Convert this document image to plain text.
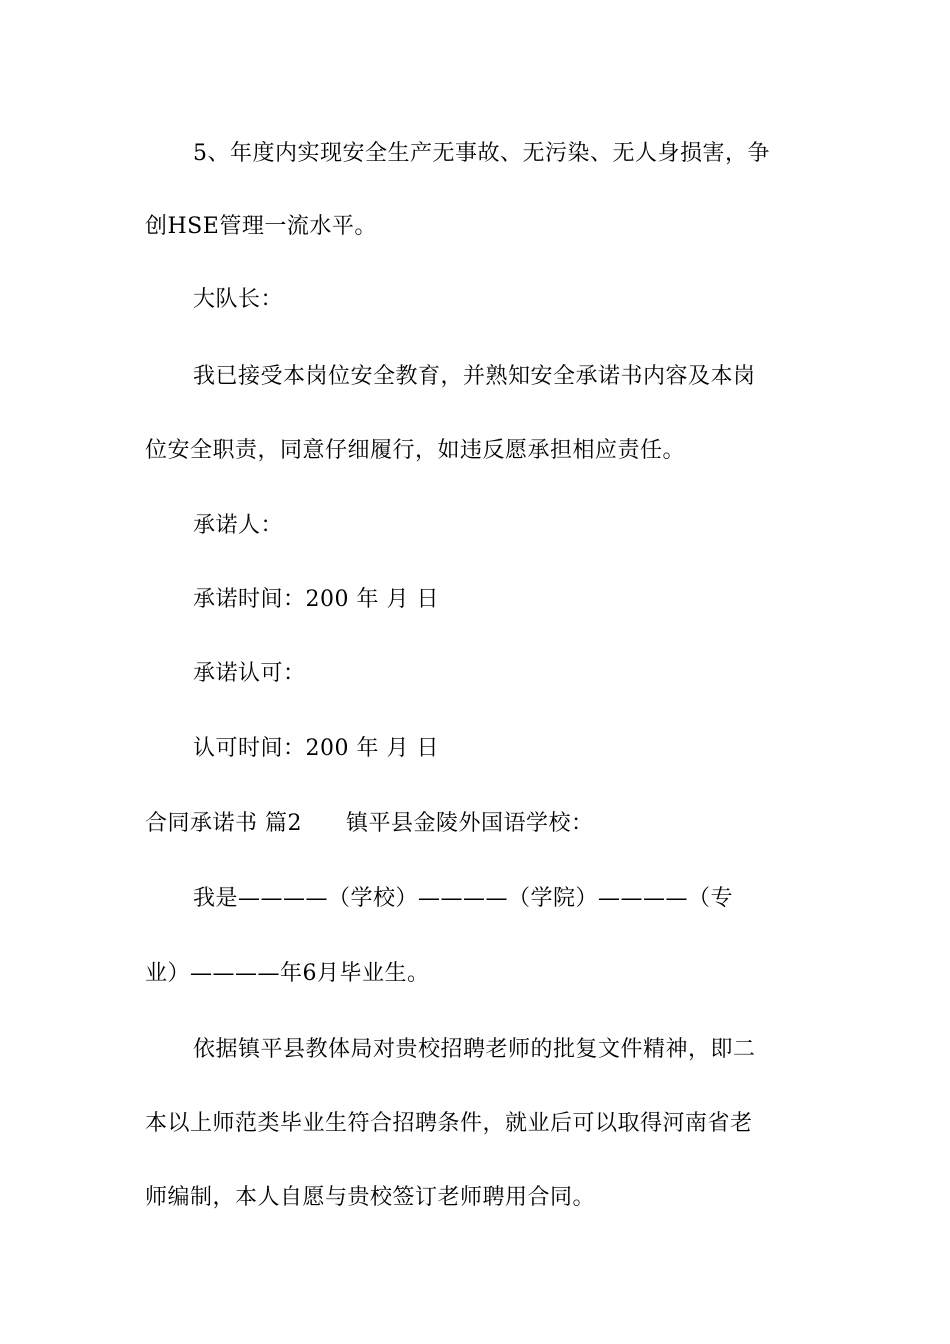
5、年度内实现安全生产无事故、无污染、无人身损害，争
创HSE管理一流水平。
大队长：
我已接受本岗位安全教育，并熟知安全承诺书内容及本岗
位安全职责，同意仔细履行，如违反愿承担相应责任。
承诺人：
承诺时间：200 年 月 日
承诺认可：
认可时间：200 年 月 日
合同承诺书 篇2 镇平县金陵外国语学校：
我是————（学校）————（学院）————（专
业）————年6月毕业生。
依据镇平县教体局对贵校招聘老师的批复文件精神，即二
本以上师范类毕业生符合招聘条件，就业后可以取得河南省老
师编制，本人自愿与贵校签订老师聘用合同。
